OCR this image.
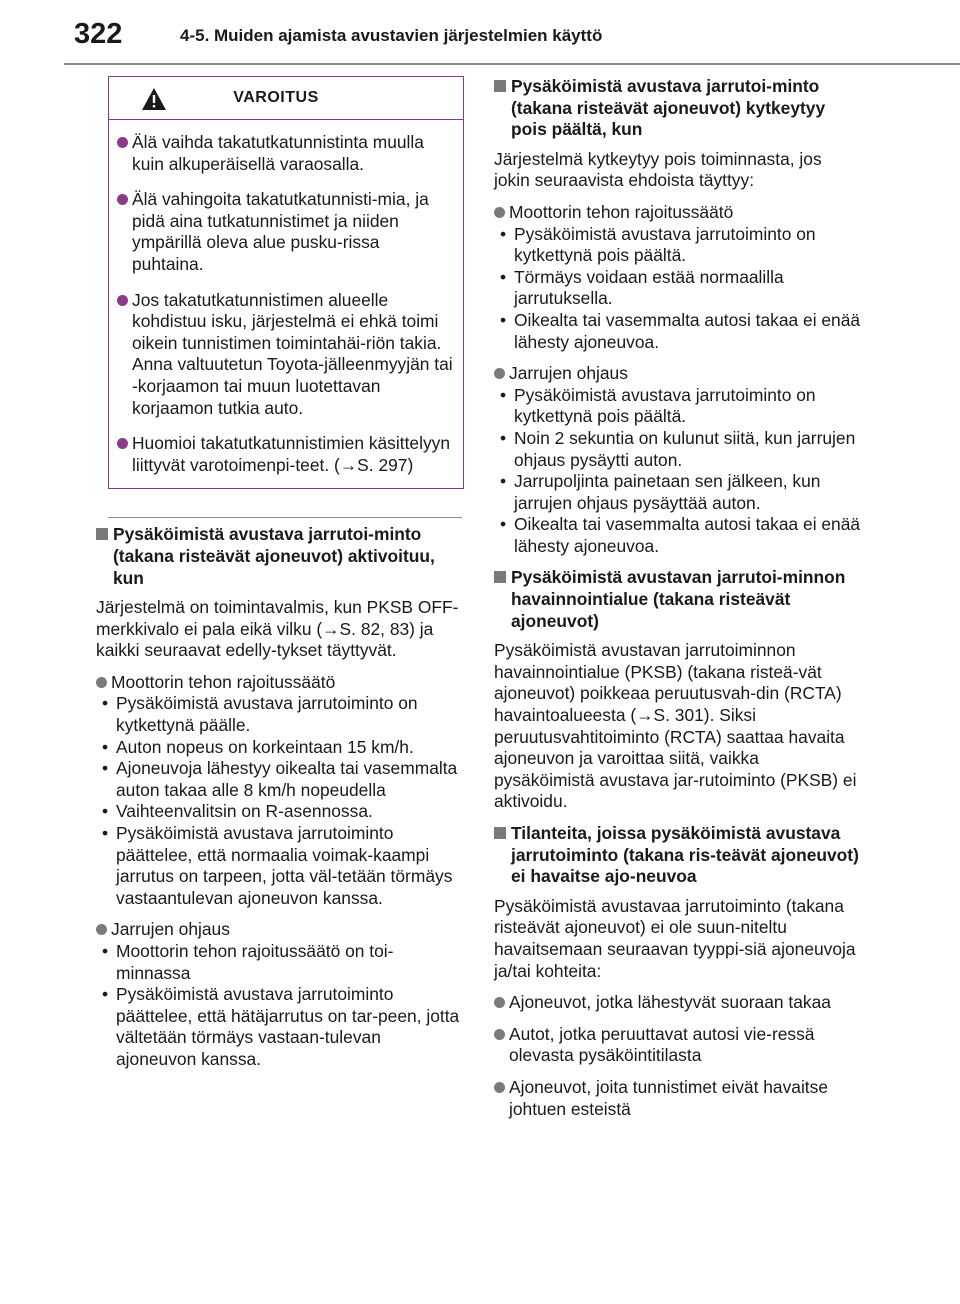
322	4-5. Muiden ajamista avustavien järjestelmien käyttö
VAROITUS
Älä vaihda takatutkatunnistinta muulla kuin alkuperäisellä varaosalla.
Älä vahingoita takatutkatunnisti-mia, ja pidä aina tutkatunnistimet ja niiden ympärillä oleva alue pusku-rissa puhtaina.
Jos takatutkatunnistimen alueelle kohdistuu isku, järjestelmä ei ehkä toimi oikein tunnistimen toimintahäi-riön takia. Anna valtuutetun Toyota-jälleenmyyjän tai -korjaamon tai muun luotettavan korjaamon tutkia auto.
Huomioi takatutkatunnistimien käsittelyyn liittyvät varotoimenpi-teet. (→S. 297)
Pysäköimistä avustava jarrutoi-minto (takana risteävät ajoneuvot) aktivoituu, kun
Järjestelmä on toimintavalmis, kun PKSB OFF-merkkivalo ei pala eikä vilku (→S. 82, 83) ja kaikki seuraavat edelly-tykset täyttyvät.
Moottorin tehon rajoitussäätö
• Pysäköimistä avustava jarrutoiminto on kytkettynä päälle.
• Auton nopeus on korkeintaan 15 km/h.
• Ajoneuvoja lähestyy oikealta tai vasemmalta auton takaa alle 8 km/h nopeudella
• Vaihteenvalitsin on R-asennossa.
• Pysäköimistä avustava jarrutoiminto päättelee, että normaalia voimak-kaampi jarrutus on tarpeen, jotta väl-tetään törmäys vastaantulevan ajoneuvon kanssa.
Jarrujen ohjaus
• Moottorin tehon rajoitussäätö on toi-minnassa
• Pysäköimistä avustava jarrutoiminto päättelee, että hätäjarrutus on tar-peen, jotta vältetään törmäys vastaan-tulevan ajoneuvon kanssa.
Pysäköimistä avustava jarrutoi-minto (takana risteävät ajoneuvot) kytkeytyy pois päältä, kun
Järjestelmä kytkeytyy pois toiminnasta, jos jokin seuraavista ehdoista täyttyy:
Moottorin tehon rajoitussäätö
• Pysäköimistä avustava jarrutoiminto on kytkettynä pois päältä.
• Törmäys voidaan estää normaalilla jarrutuksella.
• Oikealta tai vasemmalta autosi takaa ei enää lähesty ajoneuvoa.
Jarrujen ohjaus
• Pysäköimistä avustava jarrutoiminto on kytkettynä pois päältä.
• Noin 2 sekuntia on kulunut siitä, kun jarrujen ohjaus pysäytti auton.
• Jarrupoljinta painetaan sen jälkeen, kun jarrujen ohjaus pysäyttää auton.
• Oikealta tai vasemmalta autosi takaa ei enää lähesty ajoneuvoa.
Pysäköimistä avustavan jarrutoi-minnon havainnointialue (takana risteävät ajoneuvot)
Pysäköimistä avustavan jarrutoiminnon havainnointialue (PKSB) (takana risteä-vät ajoneuvot) poikkeaa peruutusvah-din (RCTA) havaintoalueesta (→S. 301). Siksi peruutusvahtitoiminto (RCTA) saattaa havaita ajoneuvon ja varoittaa siitä, vaikka pysäköimistä avustava jar-rutoiminto (PKSB) ei aktivoidu.
Tilanteita, joissa pysäköimistä avustava jarrutoiminto (takana ris-teävät ajoneuvot) ei havaitse ajo-neuvoa
Pysäköimistä avustavaa jarrutoiminto (takana risteävät ajoneuvot) ei ole suun-niteltu havaitsemaan seuraavan tyyppi-siä ajoneuvoja ja/tai kohteita:
Ajoneuvot, jotka lähestyvät suoraan takaa
Autot, jotka peruuttavat autosi vie-ressä olevasta pysäköintitilasta
Ajoneuvot, joita tunnistimet eivät havaitse johtuen esteistä
